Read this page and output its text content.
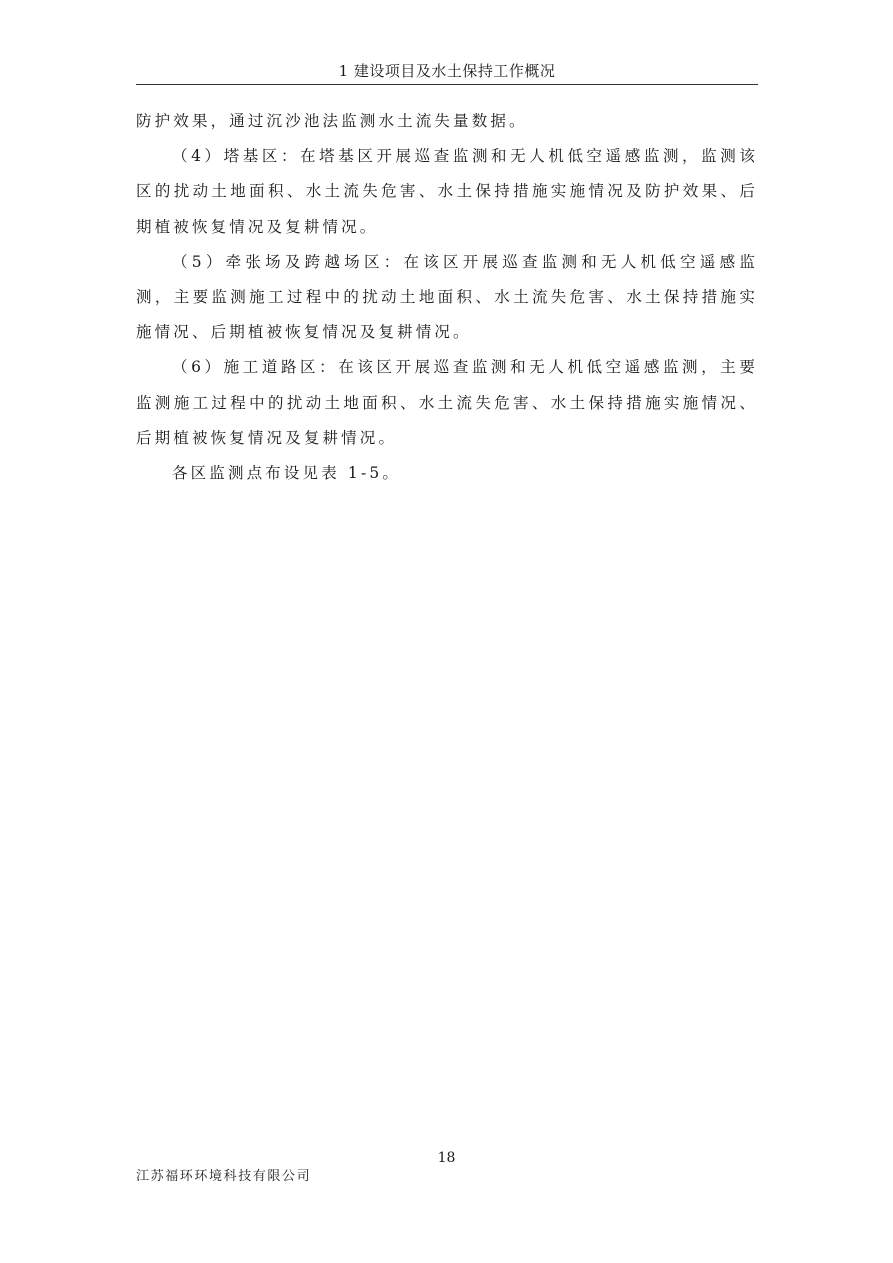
1 建设项目及水土保持工作概况

防护效果，通过沉沙池法监测水土流失量数据。

（4）塔基区：在塔基区开展巡查监测和无人机低空遥感监测，监测该区的扰动土地面积、水土流失危害、水土保持措施实施情况及防护效果、后期植被恢复情况及复耕情况。

（5）牵张场及跨越场区：在该区开展巡查监测和无人机低空遥感监测，主要监测施工过程中的扰动土地面积、水土流失危害、水土保持措施实施情况、后期植被恢复情况及复耕情况。

（6）施工道路区：在该区开展巡查监测和无人机低空遥感监测，主要监测施工过程中的扰动土地面积、水土流失危害、水土保持措施实施情况、后期植被恢复情况及复耕情况。

各区监测点布设见表 1-5。

18
江苏福环环境科技有限公司
